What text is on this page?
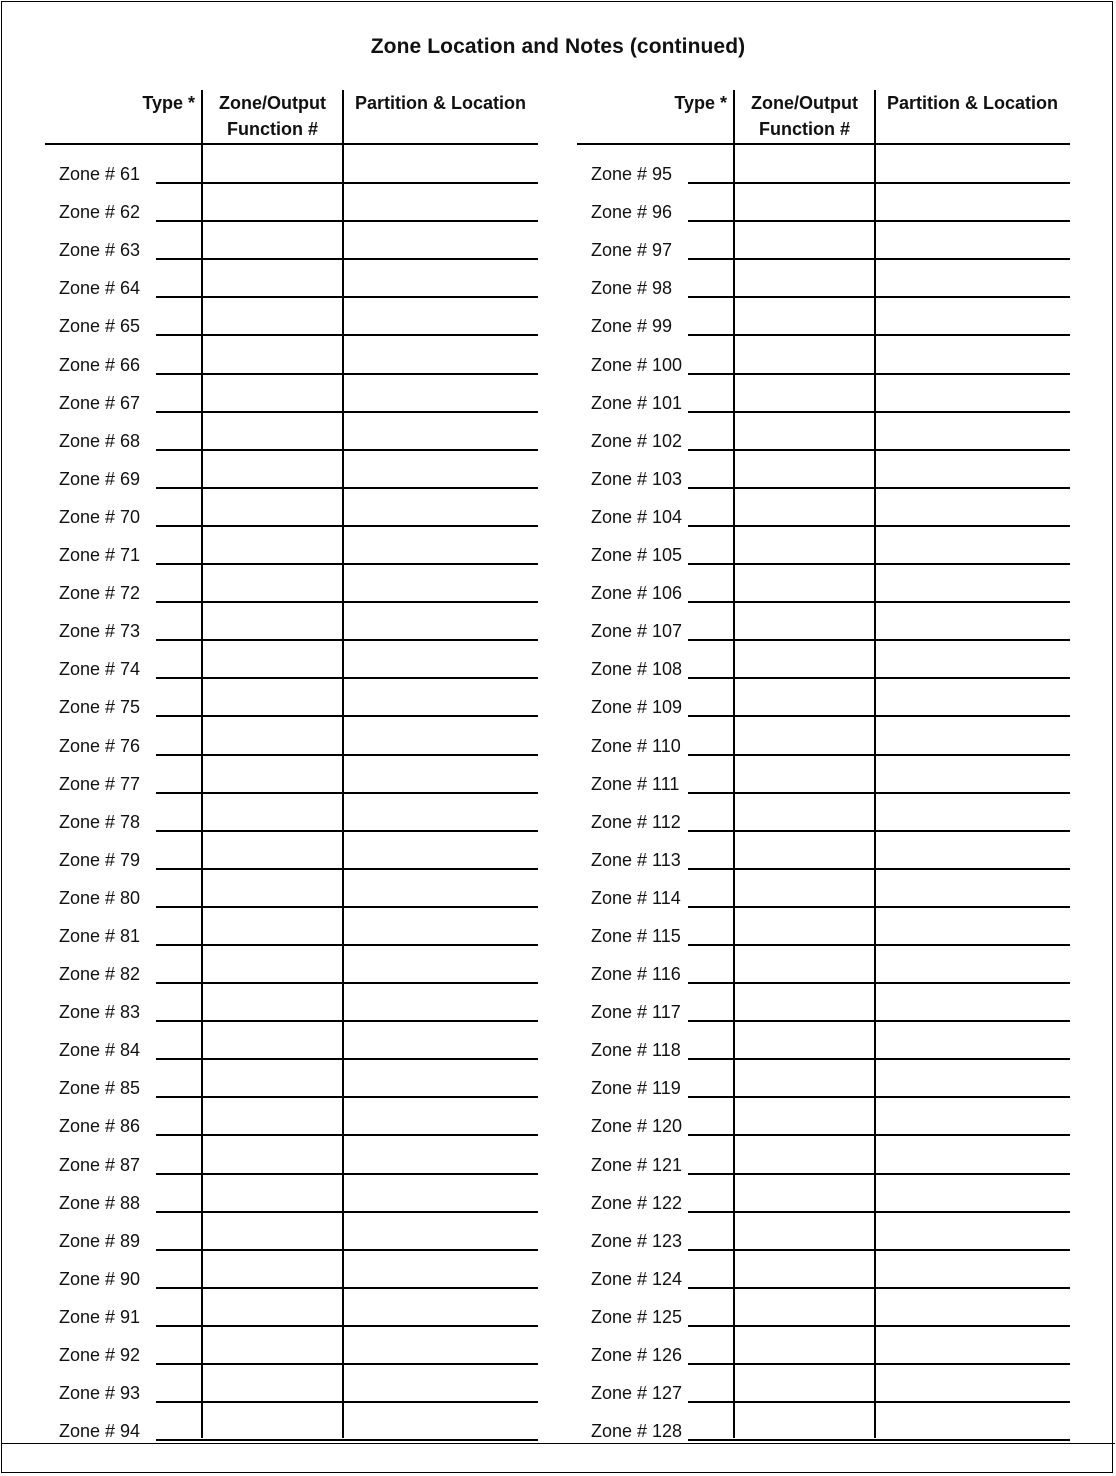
Zone Location and Notes (continued)
Type *	Zone/Output
Function #
Partition & Location
Zone # 61
Zone # 62
Zone # 63
Zone # 64
Zone # 65
Zone # 66
Zone # 67
Zone # 68
Zone # 69
Zone # 70
Zone # 71
Zone # 72
Zone # 73
Zone # 74
Zone # 75
Zone # 76
Zone # 77
Zone # 78
Zone # 79
Zone # 80
Zone # 81
Zone # 82
Zone # 83
Zone # 84
Zone # 85
Zone # 86
Zone # 87
Zone # 88
Zone # 89
Zone # 90
Zone # 91
Zone # 92
Zone # 93
Zone # 94
Type *	Zone/Output
Function #
Partition & Location
Zone # 95
Zone # 96
Zone # 97
Zone # 98
Zone # 99
Zone # 100
Zone # 101
Zone # 102
Zone # 103
Zone # 104
Zone # 105
Zone # 106
Zone # 107
Zone # 108
Zone # 109
Zone # 110
Zone # 111
Zone # 112
Zone # 113
Zone # 114
Zone # 115
Zone # 116
Zone # 117
Zone # 118
Zone # 119
Zone # 120
Zone # 121
Zone # 122
Zone # 123
Zone # 124
Zone # 125
Zone # 126
Zone # 127
Zone # 128
